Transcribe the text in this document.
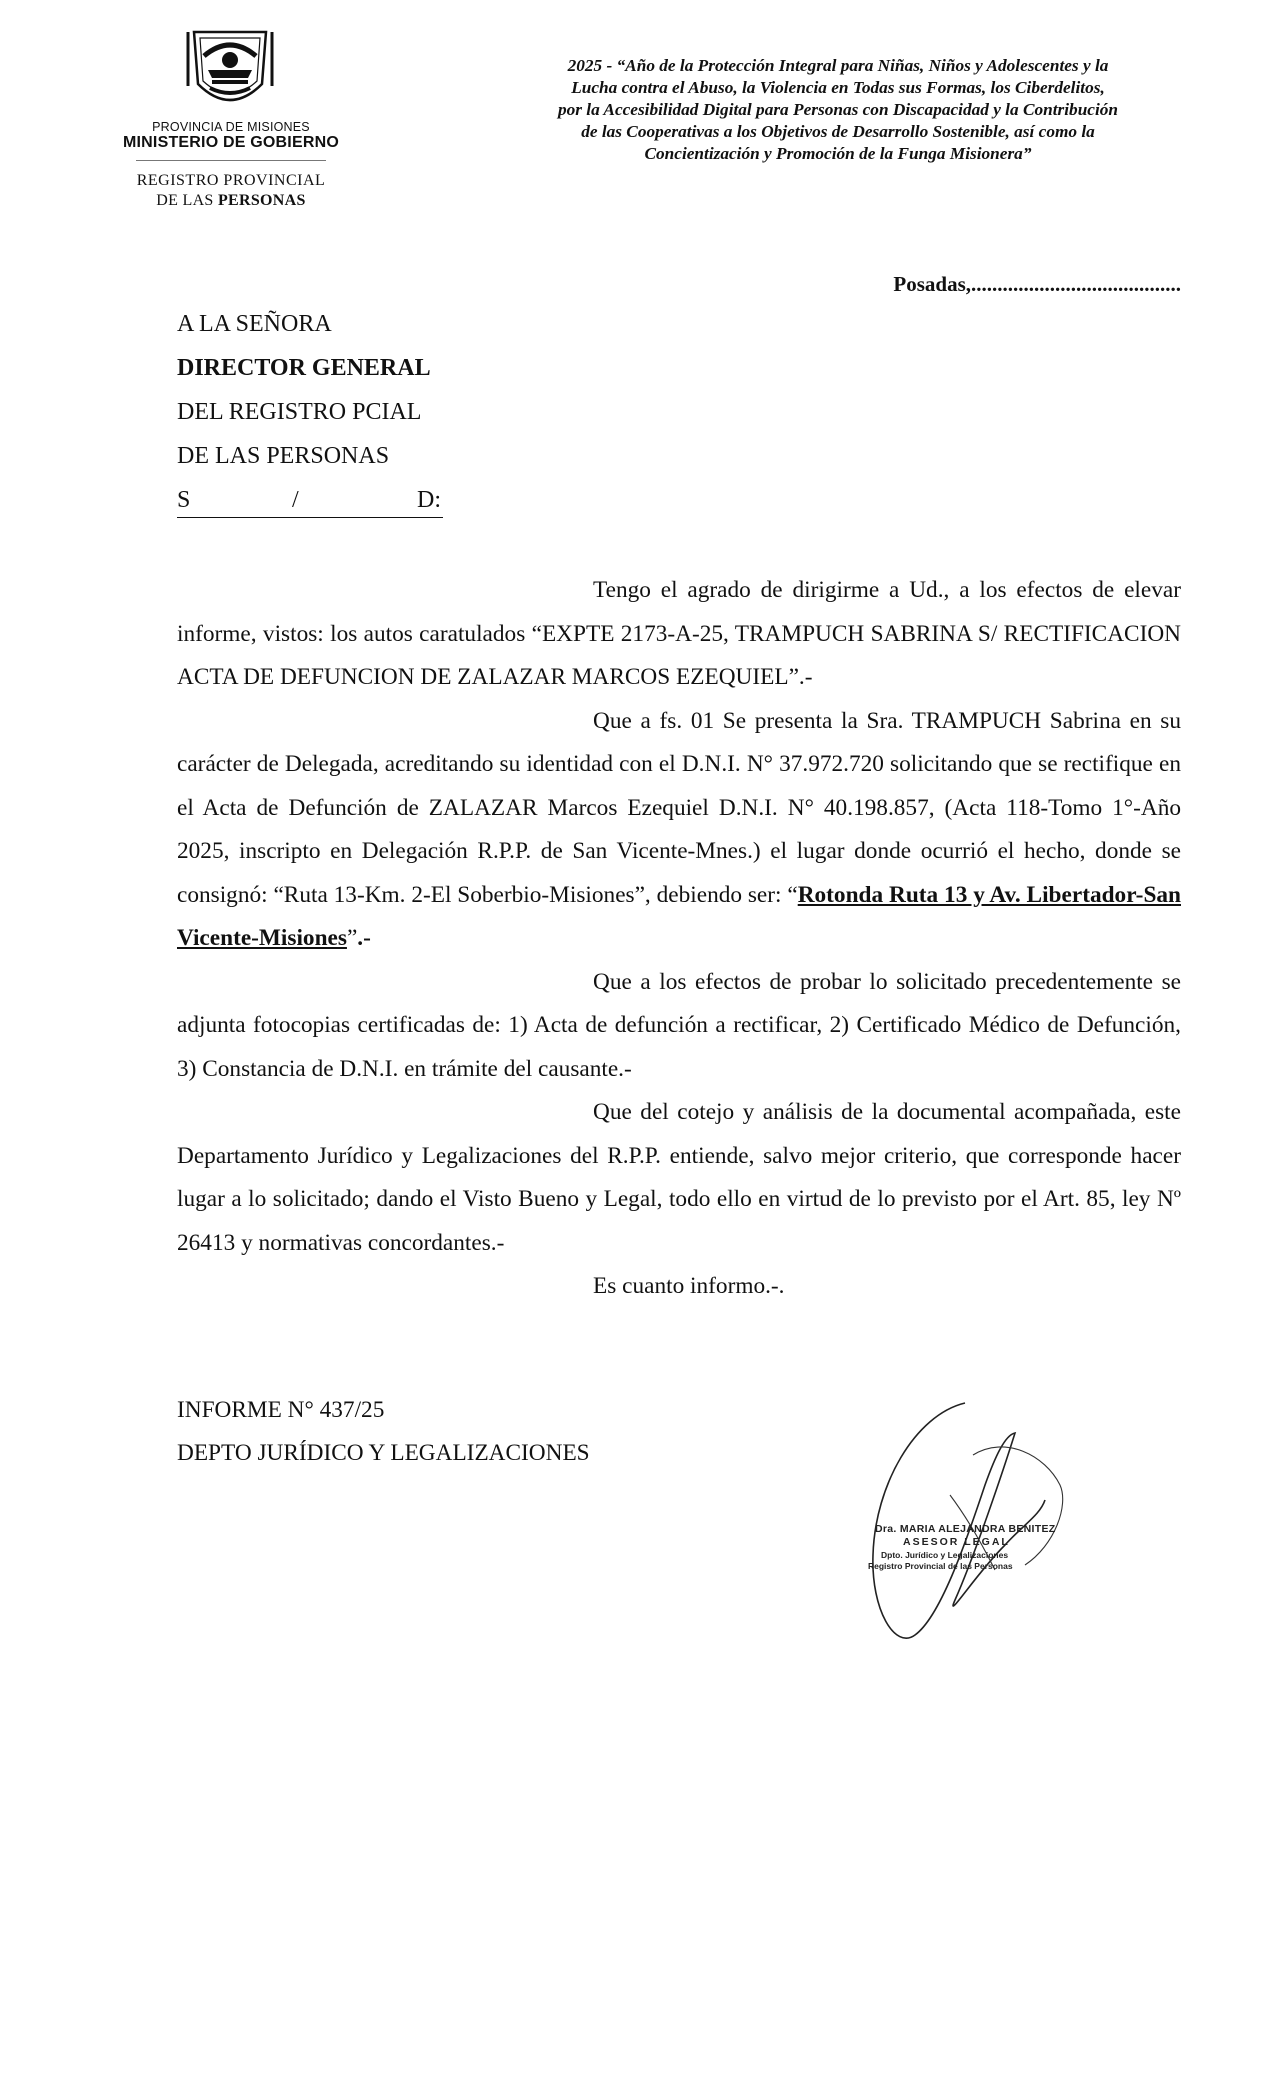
PROVINCIA DE MISIONES
MINISTERIO DE GOBIERNO
REGISTRO PROVINCIAL
DE LAS PERSONAS
2025 - “Año de la Protección Integral para Niñas, Niños y Adolescentes y la
Lucha contra el Abuso, la Violencia en Todas sus Formas, los Ciberdelitos,
por la Accesibilidad Digital para Personas con Discapacidad y la Contribución
de las Cooperativas a los Objetivos de Desarrollo Sostenible, así como la
Concientización y Promoción de la Funga Misionera”
Posadas,........................................
A LA SEÑORA
DIRECTOR GENERAL
DEL REGISTRO PCIAL
DE LAS PERSONAS
S	/	D:

Tengo el agrado de dirigirme a Ud., a los efectos de elevar informe, vistos: los autos caratulados “EXPTE 2173-A-25, TRAMPUCH SABRINA S/ RECTIFICACION ACTA DE DEFUNCION DE ZALAZAR MARCOS EZEQUIEL”.-

Que a fs. 01 Se presenta la Sra. TRAMPUCH Sabrina en su carácter de Delegada, acreditando su identidad con el D.N.I. N° 37.972.720 solicitando que se rectifique en el Acta de Defunción de ZALAZAR Marcos Ezequiel D.N.I. N° 40.198.857, (Acta 118-Tomo 1°-Año 2025, inscripto en Delegación R.P.P. de San Vicente-Mnes.) el lugar donde ocurrió el hecho, donde se consignó: “Ruta 13-Km. 2-El Soberbio-Misiones”, debiendo ser: “Rotonda Ruta 13 y Av. Libertador-San Vicente-Misiones”.-

Que a los efectos de probar lo solicitado precedentemente se adjunta fotocopias certificadas de: 1) Acta de defunción a rectificar, 2) Certificado Médico de Defunción, 3) Constancia de D.N.I. en trámite del causante.-

Que del cotejo y análisis de la documental acompañada, este Departamento Jurídico y Legalizaciones del R.P.P. entiende, salvo mejor criterio, que corresponde hacer lugar a lo solicitado; dando el Visto Bueno y Legal, todo ello en virtud de lo previsto por el Art. 85, ley Nº 26413 y normativas concordantes.-

Es cuanto informo.-.

INFORME N° 437/25
DEPTO JURÍDICO Y LEGALIZACIONES
Dra. MARIA ALEJANDRA BENITEZ
ASESOR LEGAL
Dpto. Jurídico y Legalizaciones
Registro Provincial de las Personas
